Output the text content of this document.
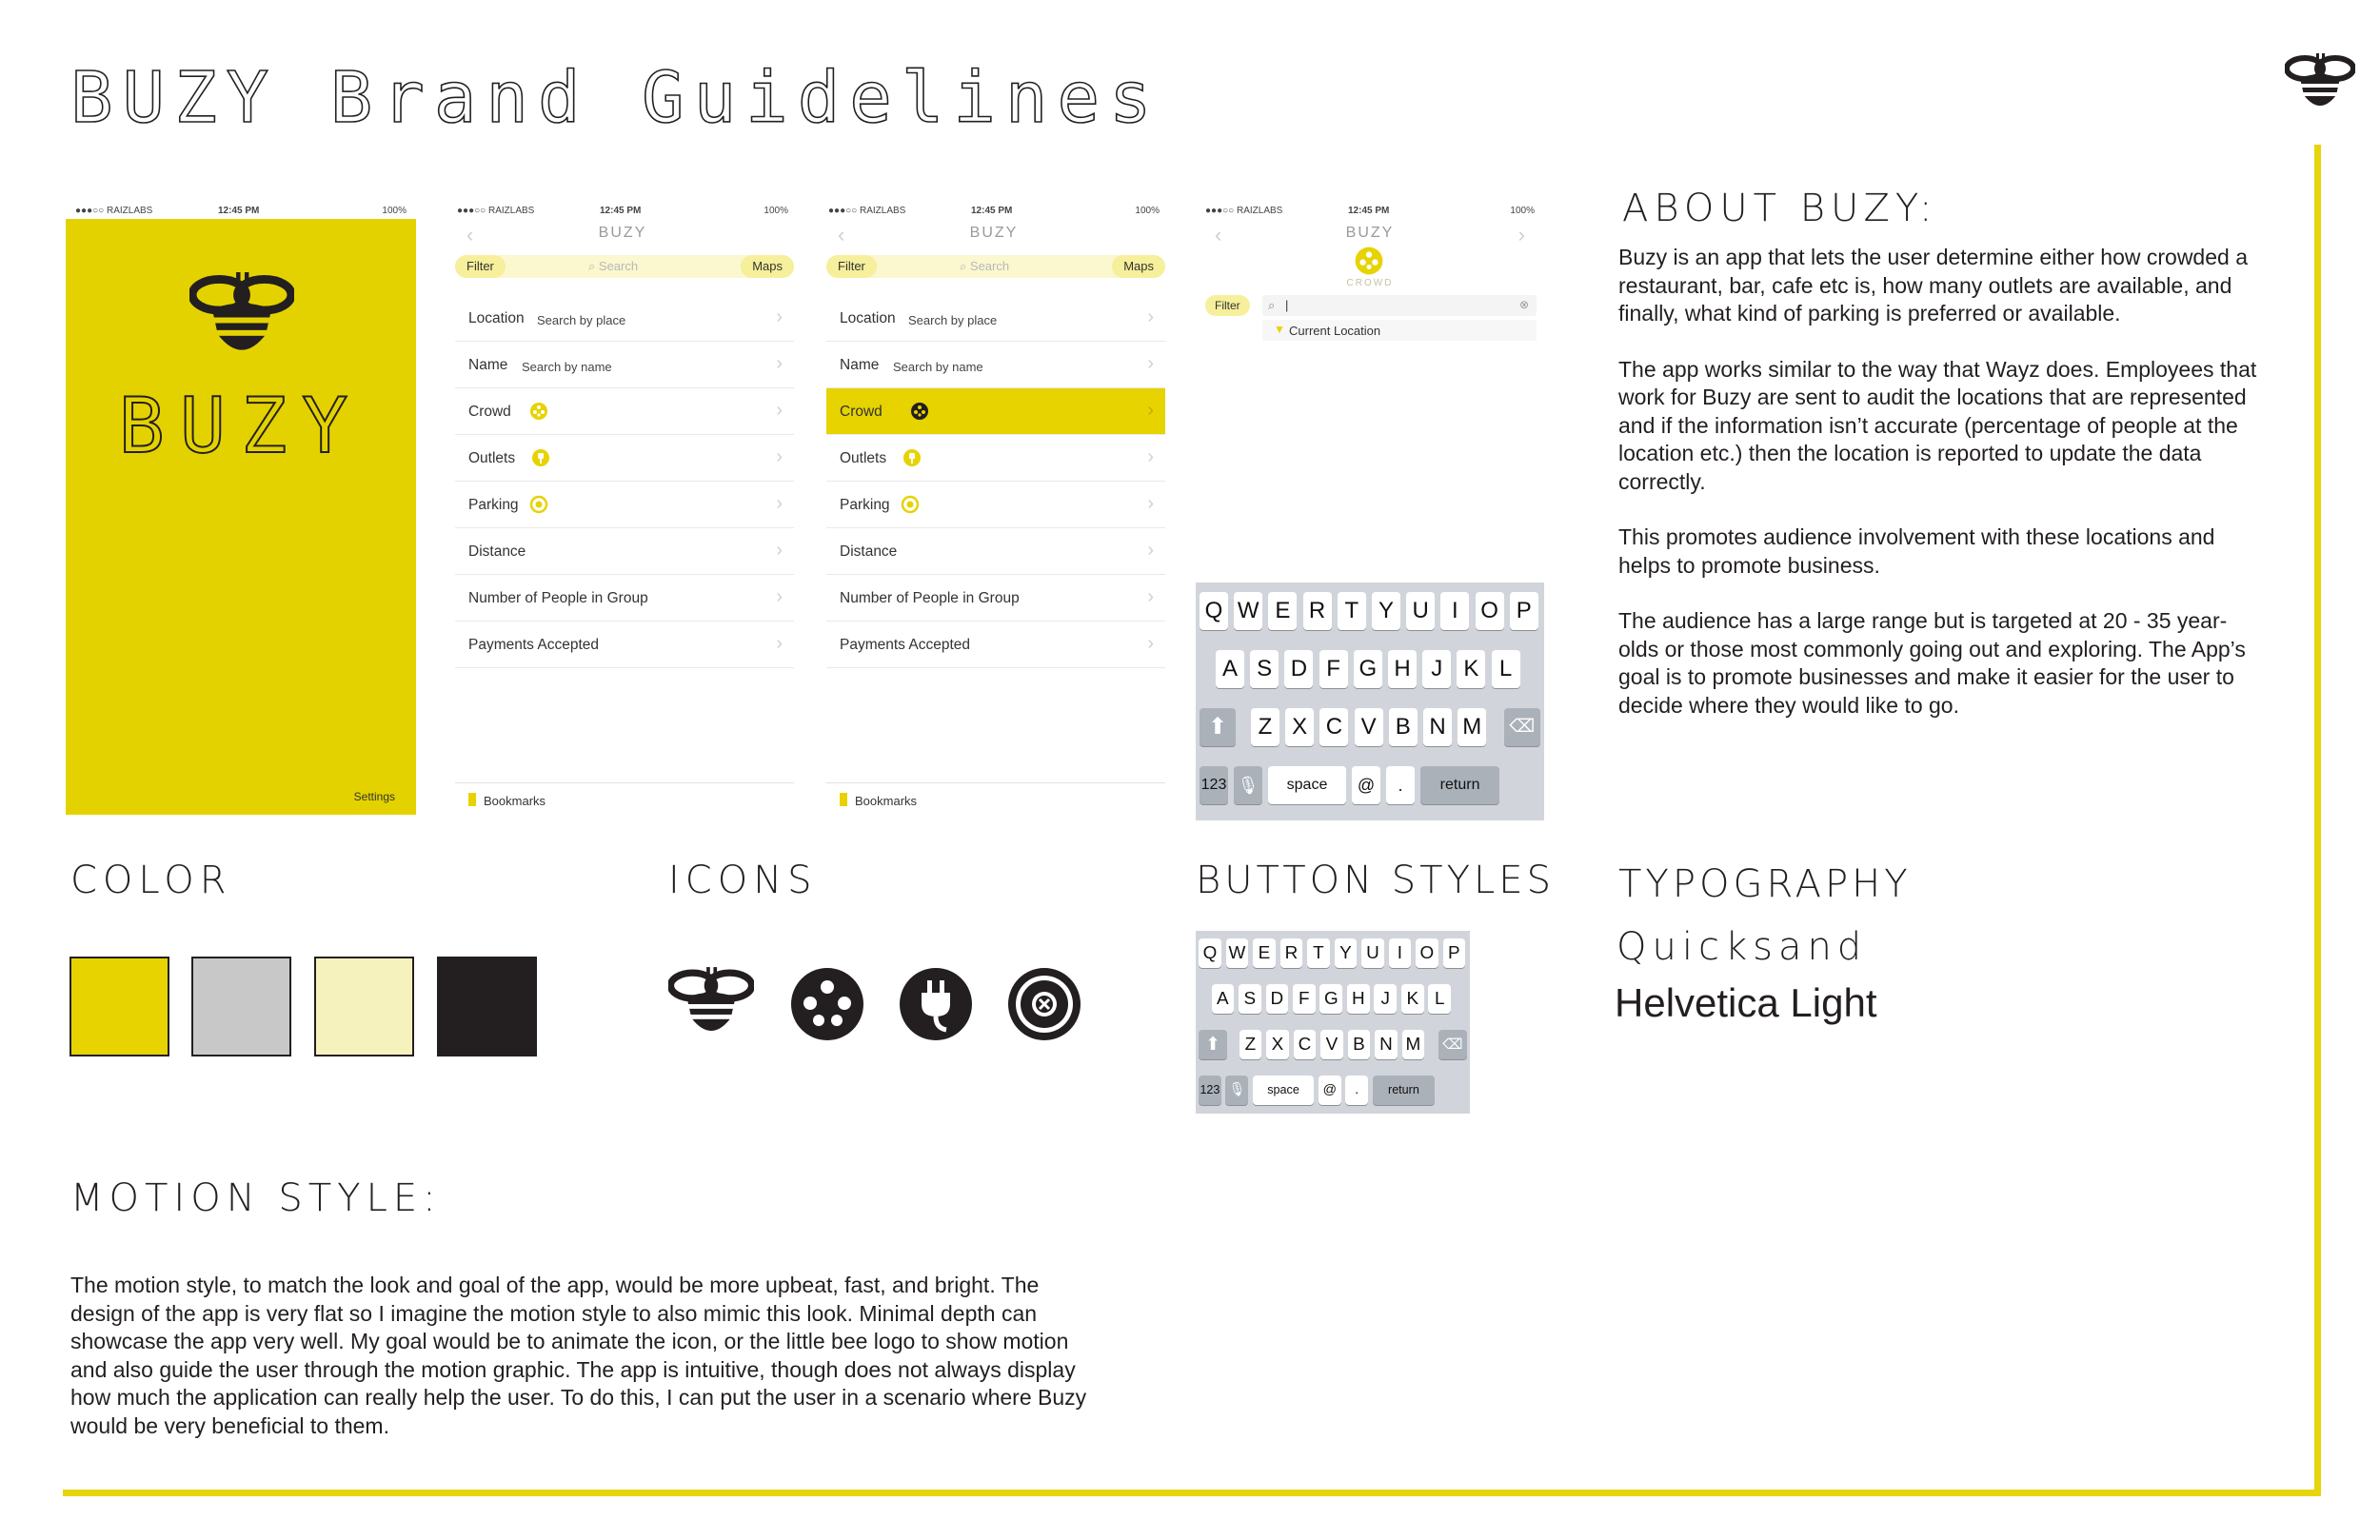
BUZY Brand Guidelines
●●●○○ RAIZLABS	12:45 PM	100%
BUZY
Settings
●●●○○ RAIZLABS	12:45 PM	100%
‹	BUZY
Filter	⌕ Search	Maps
Location Search by place	›
Name Search by name	›
Crowd	›
Outlets	›
Parking	›
Distance	›
Number of People in Group	›
Payments Accepted	›
Bookmarks
●●●○○ RAIZLABS	12:45 PM	100%
‹	BUZY
Filter	⌕ Search	Maps
Location Search by place	›
Name Search by name	›
Crowd	›
Outlets	›
Parking	›
Distance	›
Number of People in Group	›
Payments Accepted	›
Bookmarks
●●●○○ RAIZLABS	12:45 PM	100%
‹	›
BUZY
CROWD
Filter	⌕ |	⊗
▼ Current Location
Q W E R T Y U	I O P
A S D F G H J K L
⬆	Z X C V B N M ⌫
123 🎙	space	@	.	return
Q W E R T Y U	I O P
A S D F G H J K L
⬆	Z X C V B N M ⌫
123 🎙	space	@	.	return
ABOUT BUZY:
COLOR	ICONS	BUTTON STYLES TYPOGRAPHY
MOTION STYLE:

Buzy is an app that lets the user determine either how crowded a restaurant, bar, cafe etc is, how many outlets are available, and finally, what kind of parking is preferred or available.

The app works similar to the way that Wayz does. Employees that work for Buzy are sent to audit the locations that are represented and if the information isn’t accurate (percentage of people at the location etc.) then the location is reported to update the data correctly.

This promotes audience involvement with these locations and helps to promote business.

The audience has a large range but is targeted at 20 - 35 year-olds or those most commonly going out and exploring. The App’s goal is to promote businesses and make it easier for the user to decide where they would like to go.

Quicksand
Helvetica Light
The motion style, to match the look and goal of the app, would be more upbeat, fast, and bright. The design of the app is very flat so I imagine the motion style to also mimic this look. Minimal depth can showcase the app very well. My goal would be to animate the icon, or the little bee logo to show motion and also guide the user through the motion graphic. The app is intuitive, though does not always display how much the application can really help the user. To do this, I can put the user in a scenario where Buzy would be very beneficial to them.
